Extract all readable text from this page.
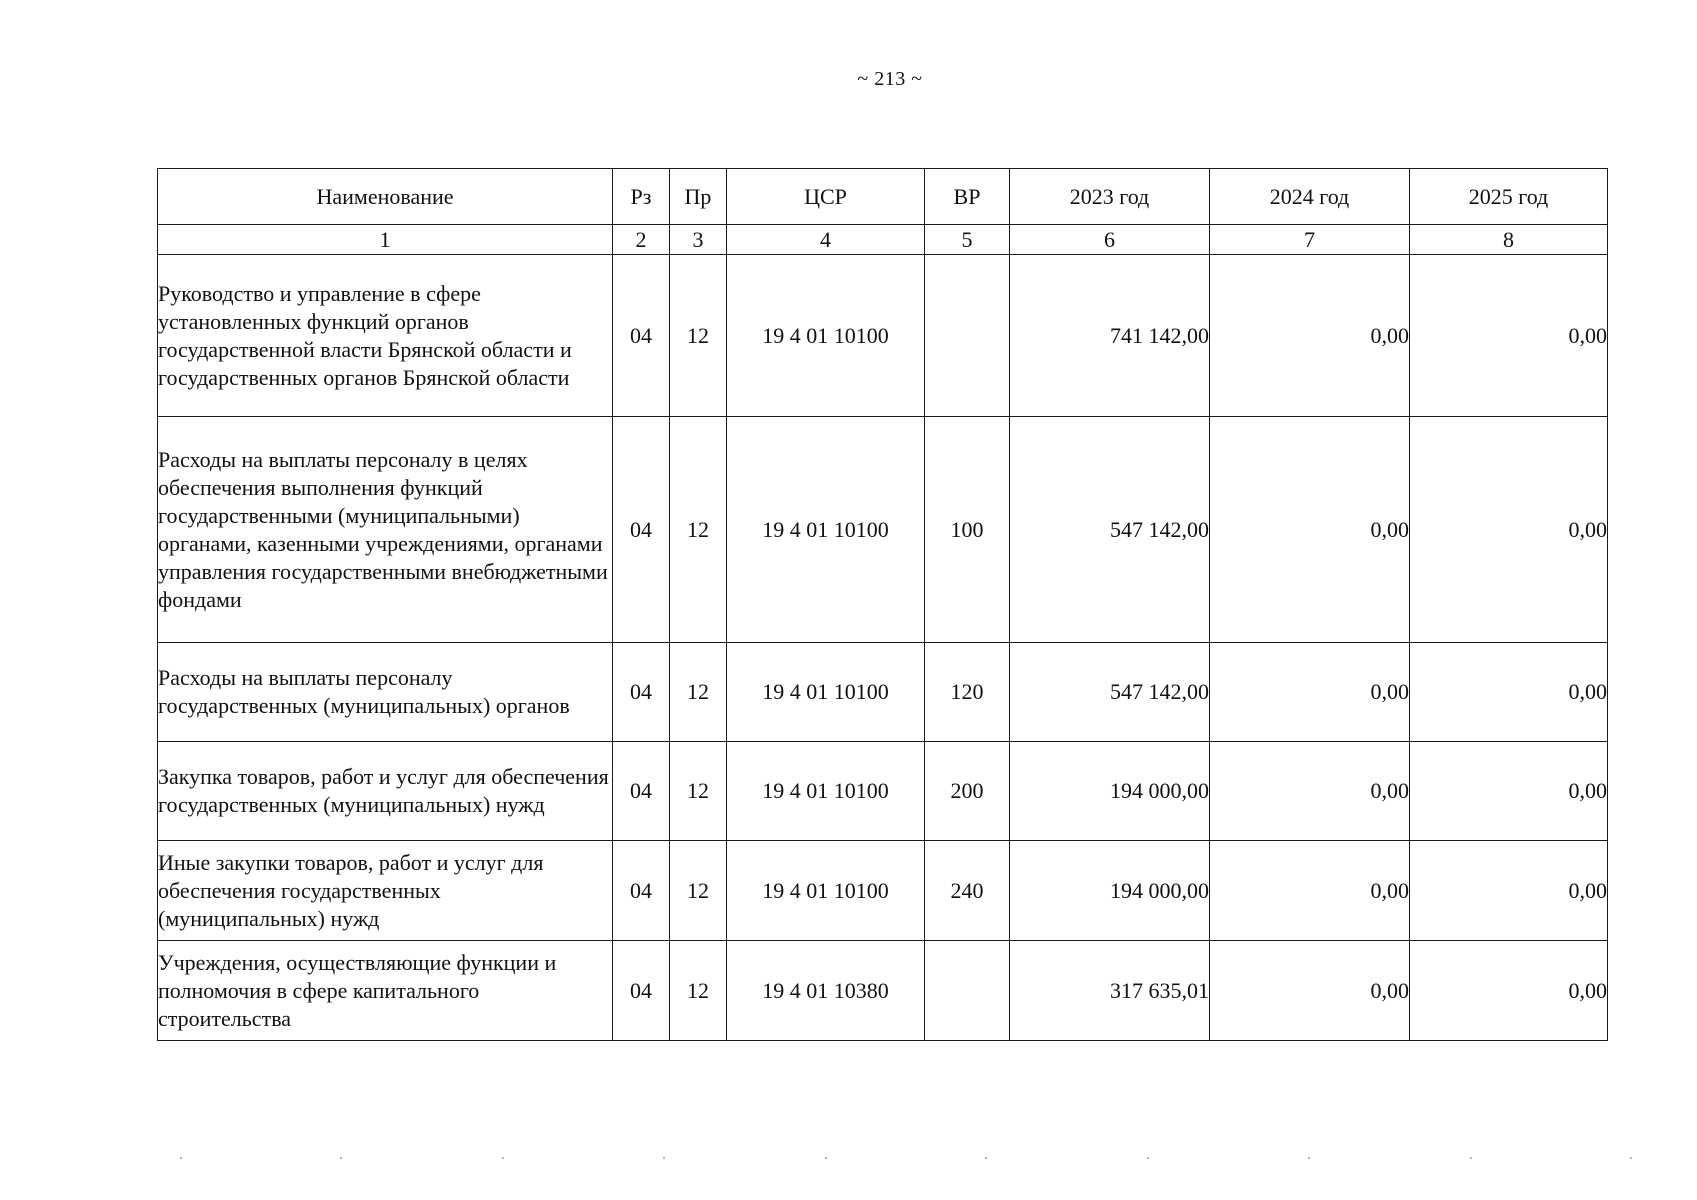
~ 213 ~
Наименование	Рз	Пр	ЦСР	ВР	2023 год	2024 год	2025 год
1	2	3	4	5	6	7	8
Руководство и управление в сфере установленных функций органов государственной власти Брянской области и государственных органов Брянской области	04	12	19 4 01 10100		741 142,00	0,00	0,00
Расходы на выплаты персоналу в целях обеспечения выполнения функций государственными (муниципальными) органами, казенными учреждениями, органами управления государственными внебюджетными фондами	04	12	19 4 01 10100	100	547 142,00	0,00	0,00
Расходы на выплаты персоналу государственных (муниципальных) органов	04	12	19 4 01 10100	120	547 142,00	0,00	0,00
Закупка товаров, работ и услуг для обеспечения государственных (муниципальных) нужд	04	12	19 4 01 10100	200	194 000,00	0,00	0,00
Иные закупки товаров, работ и услуг для обеспечения государственных (муниципальных) нужд	04	12	19 4 01 10100	240	194 000,00	0,00	0,00
Учреждения, осуществляющие функции и полномочия в сфере капитального строительства	04	12	19 4 01 10380		317 635,01	0,00	0,00
